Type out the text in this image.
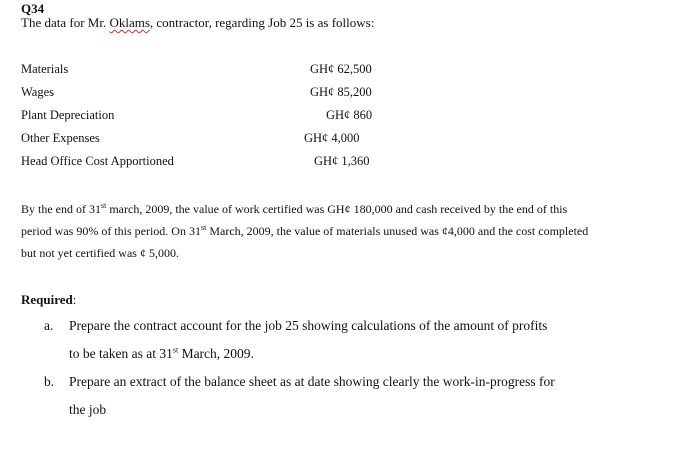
Q34
The data for Mr. Oklams, contractor, regarding Job 25 is as follows:
Materials	GH¢ 62,500
Wages	GH¢ 85,200
Plant Depreciation	GH¢ 860
Other Expenses	GH¢ 4,000
Head Office Cost Apportioned	GH¢ 1,360
By the end of 31st march, 2009, the value of work certified was GH¢ 180,000 and cash received by the end of this
period was 90% of this period. On 31st March, 2009, the value of materials unused was ¢4,000 and the cost completed
but not yet certified was ¢ 5,000.
Required:
a. Prepare the contract account for the job 25 showing calculations of the amount of profits
to be taken as at 31st March, 2009.
b. Prepare an extract of the balance sheet as at date showing clearly the work-in-progress for
the job
